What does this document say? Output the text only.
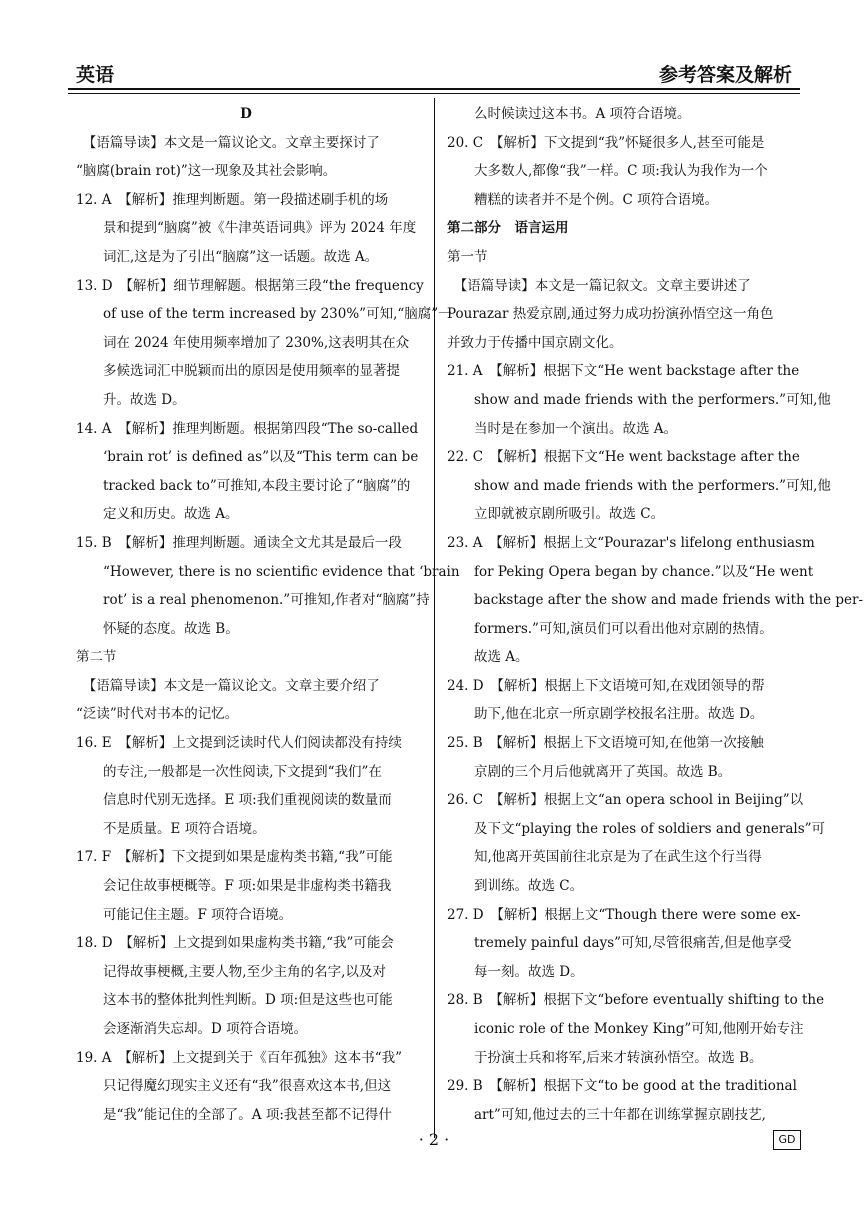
英语	参考答案及解析
D
　【语篇导读】本文是一篇议论文。文章主要探讨了
“脑腐(brain rot)”这一现象及其社会影响。
12. A　【解析】推理判断题。第一段描述刷手机的场
　　景和提到“脑腐”被《牛津英语词典》评为 2024 年度
　　词汇,这是为了引出“脑腐”这一话题。故选 A。
13. D　【解析】细节理解题。根据第三段“the frequency
　　of use of the term increased by 230%”可知,“脑腐”一
　　词在 2024 年使用频率增加了 230%,这表明其在众
　　多候选词汇中脱颖而出的原因是使用频率的显著提
　　升。故选 D。
14. A　【解析】推理判断题。根据第四段“The so-called
　　‘brain rot’ is defined as”以及“This term can be
　　tracked back to”可推知,本段主要讨论了“脑腐”的
　　定义和历史。故选 A。
15. B　【解析】推理判断题。通读全文尤其是最后一段
　　“However, there is no scientific evidence that ‘brain
　　rot’ is a real phenomenon.”可推知,作者对“脑腐”持
　　怀疑的态度。故选 B。
第二节
　【语篇导读】本文是一篇议论文。文章主要介绍了
“泛读”时代对书本的记忆。
16. E　【解析】上文提到泛读时代人们阅读都没有持续
　　的专注,一般都是一次性阅读,下文提到“我们”在
　　信息时代别无选择。E 项:我们重视阅读的数量而
　　不是质量。E 项符合语境。
17. F　【解析】下文提到如果是虚构类书籍,“我”可能
　　会记住故事梗概等。F 项:如果是非虚构类书籍我
　　可能记住主题。F 项符合语境。
18. D　【解析】上文提到如果虚构类书籍,“我”可能会
　　记得故事梗概,主要人物,至少主角的名字,以及对
　　这本书的整体批判性判断。D 项:但是这些也可能
　　会逐渐消失忘却。D 项符合语境。
19. A　【解析】上文提到关于《百年孤独》这本书“我”
　　只记得魔幻现实主义还有“我”很喜欢这本书,但这
　　是“我”能记住的全部了。A 项:我甚至都不记得什
　　么时候读过这本书。A 项符合语境。
20. C　【解析】下文提到“我”怀疑很多人,甚至可能是
　　大多数人,都像“我”一样。C 项:我认为我作为一个
　　糟糕的读者并不是个例。C 项符合语境。
第二部分　语言运用
第一节
　【语篇导读】本文是一篇记叙文。文章主要讲述了
Pourazar 热爱京剧,通过努力成功扮演孙悟空这一角色
并致力于传播中国京剧文化。
21. A　【解析】根据下文“He went backstage after the
　　show and made friends with the performers.”可知,他
　　当时是在参加一个演出。故选 A。
22. C　【解析】根据下文“He went backstage after the
　　show and made friends with the performers.”可知,他
　　立即就被京剧所吸引。故选 C。
23. A　【解析】根据上文“Pourazar's lifelong enthusiasm
　　for Peking Opera began by chance.”以及“He went
　　backstage after the show and made friends with the per-
　　formers.”可知,演员们可以看出他对京剧的热情。
　　故选 A。
24. D　【解析】根据上下文语境可知,在戏团领导的帮
　　助下,他在北京一所京剧学校报名注册。故选 D。
25. B　【解析】根据上下文语境可知,在他第一次接触
　　京剧的三个月后他就离开了英国。故选 B。
26. C　【解析】根据上文“an opera school in Beijing”以
　　及下文“playing the roles of soldiers and generals”可
　　知,他离开英国前往北京是为了在武生这个行当得
　　到训练。故选 C。
27. D　【解析】根据上文“Though there were some ex-
　　tremely painful days”可知,尽管很痛苦,但是他享受
　　每一刻。故选 D。
28. B　【解析】根据下文“before eventually shifting to the
　　iconic role of the Monkey King”可知,他刚开始专注
　　于扮演士兵和将军,后来才转演孙悟空。故选 B。
29. B　【解析】根据下文“to be good at the traditional
　　art”可知,他过去的三十年都在训练掌握京剧技艺,
· 2 ·	GD
